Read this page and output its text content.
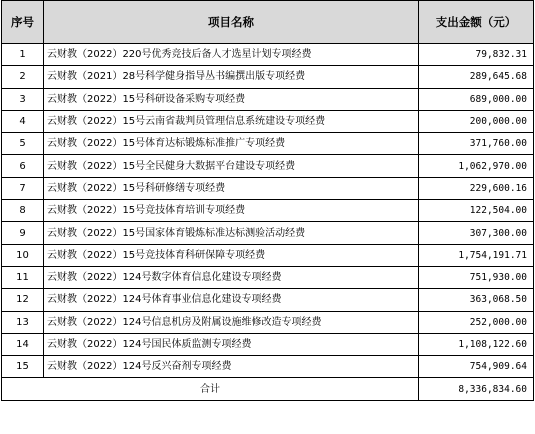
序号	项目名称	支出金额（元）
1	云财教（2022）220号优秀竞技后备人才选星计划专项经费	79,832.31
2	云财教（2021）28号科学健身指导丛书编撰出版专项经费	289,645.68
3	云财教（2022）15号科研设备采购专项经费	689,000.00
4	云财教（2022）15号云南省裁判员管理信息系统建设专项经费	200,000.00
5	云财教（2022）15号体育达标锻炼标准推广专项经费	371,760.00
6	云财教（2022）15号全民健身大数据平台建设专项经费	1,062,970.00
7	云财教（2022）15号科研修缮专项经费	229,600.16
8	云财教（2022）15号竞技体育培训专项经费	122,504.00
9	云财教（2022）15号国家体育锻炼标准达标测验活动经费	307,300.00
10	云财教（2022）15号竞技体育科研保障专项经费	1,754,191.71
11	云财教（2022）124号数字体育信息化建设专项经费	751,930.00
12	云财教（2022）124号体育事业信息化建设专项经费	363,068.50
13	云财教（2022）124号信息机房及附属设施维修改造专项经费	252,000.00
14	云财教（2022）124号国民体质监测专项经费	1,108,122.60
15	云财教（2022）124号反兴奋剂专项经费	754,909.64
合计		8,336,834.60
